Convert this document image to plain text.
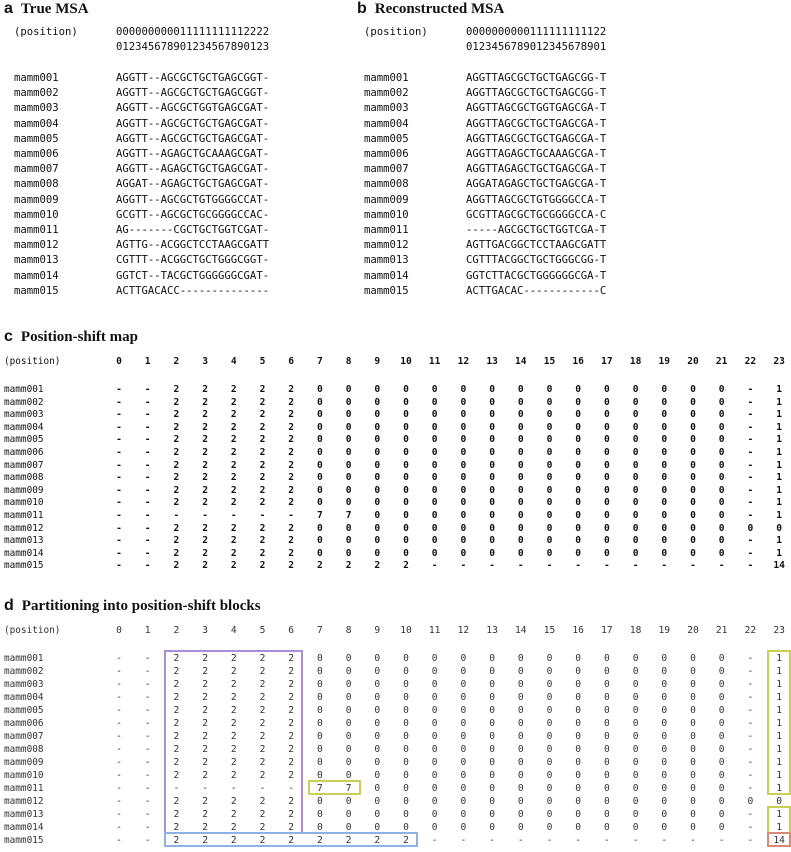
a True MSA	b Reconstructed MSA
c Position-shift map
d Partitioning into position-shift blocks
(position)	000000000011111111112222
012345678901234567890123
mamm001	AGGTT--AGCGCTGCTGAGCGGT-
mamm002	AGGTT--AGCGCTGCTGAGCGGT-
mamm003	AGGTT--AGCGCTGGTGAGCGAT-
mamm004	AGGTT--AGCGCTGCTGAGCGAT-
mamm005	AGGTT--AGCGCTGCTGAGCGAT-
mamm006	AGGTT--AGAGCTGCAAAGCGAT-
mamm007	AGGTT--AGAGCTGCTGAGCGAT-
mamm008	AGGAT--AGAGCTGCTGAGCGAT-
mamm009	AGGTT--AGCGCTGTGGGGCCAT-
mamm010	GCGTT--AGCGCTGCGGGGCCAC-
mamm011	AG-------CGCTGCTGGTCGAT-
mamm012	AGTTG--ACGGCTCCTAAGCGATT
mamm013	CGTTT--ACGGCTGCTGGGCGGT-
mamm014	GGTCT--TACGCTGGGGGGCGAT-
mamm015	ACTTGACACC--------------
(position)	0000000000111111111122
0123456789012345678901
mamm001	AGGTTAGCGCTGCTGAGCGG-T
mamm002	AGGTTAGCGCTGCTGAGCGG-T
mamm003	AGGTTAGCGCTGGTGAGCGA-T
mamm004	AGGTTAGCGCTGCTGAGCGA-T
mamm005	AGGTTAGCGCTGCTGAGCGA-T
mamm006	AGGTTAGAGCTGCAAAGCGA-T
mamm007	AGGTTAGAGCTGCTGAGCGA-T
mamm008	AGGATAGAGCTGCTGAGCGA-T
mamm009	AGGTTAGCGCTGTGGGGCCA-T
mamm010	GCGTTAGCGCTGCGGGGCCA-C
mamm011	-----AGCGCTGCTGGTCGA-T
mamm012	AGTTGACGGCTCCTAAGCGATT
mamm013	CGTTTACGGCTGCTGGGCGG-T
mamm014	GGTCTTACGCTGGGGGGCGA-T
mamm015	ACTTGACAC------------C
(position)	0	1	2	3	4	5	6	7	8	9	10	11	12	13	14	15	16	17	18	19	20	21	22	23
mamm001	-	-	2	2	2	2	2	0	0	0	0	0	0	0	0	0	0	0	0	0	0	0	-	1
mamm002	-	-	2	2	2	2	2	0	0	0	0	0	0	0	0	0	0	0	0	0	0	0	-	1
mamm003	-	-	2	2	2	2	2	0	0	0	0	0	0	0	0	0	0	0	0	0	0	0	-	1
mamm004	-	-	2	2	2	2	2	0	0	0	0	0	0	0	0	0	0	0	0	0	0	0	-	1
mamm005	-	-	2	2	2	2	2	0	0	0	0	0	0	0	0	0	0	0	0	0	0	0	-	1
mamm006	-	-	2	2	2	2	2	0	0	0	0	0	0	0	0	0	0	0	0	0	0	0	-	1
mamm007	-	-	2	2	2	2	2	0	0	0	0	0	0	0	0	0	0	0	0	0	0	0	-	1
mamm008	-	-	2	2	2	2	2	0	0	0	0	0	0	0	0	0	0	0	0	0	0	0	-	1
mamm009	-	-	2	2	2	2	2	0	0	0	0	0	0	0	0	0	0	0	0	0	0	0	-	1
mamm010	-	-	2	2	2	2	2	0	0	0	0	0	0	0	0	0	0	0	0	0	0	0	-	1
mamm011	-	-	-	-	-	-	-	7	7	0	0	0	0	0	0	0	0	0	0	0	0	0	-	1
mamm012	-	-	2	2	2	2	2	0	0	0	0	0	0	0	0	0	0	0	0	0	0	0	0	0
mamm013	-	-	2	2	2	2	2	0	0	0	0	0	0	0	0	0	0	0	0	0	0	0	-	1
mamm014	-	-	2	2	2	2	2	0	0	0	0	0	0	0	0	0	0	0	0	0	0	0	-	1
mamm015	-	-	2	2	2	2	2	2	2	2	2	-	-	-	-	-	-	-	-	-	-	-	-	14
(position)	0	1	2	3	4	5	6	7	8	9	10	11	12	13	14	15	16	17	18	19	20	21	22	23
mamm001	-	-	2	2	2	2	2	0	0	0	0	0	0	0	0	0	0	0	0	0	0	0	-	1
mamm002	-	-	2	2	2	2	2	0	0	0	0	0	0	0	0	0	0	0	0	0	0	0	-	1
mamm003	-	-	2	2	2	2	2	0	0	0	0	0	0	0	0	0	0	0	0	0	0	0	-	1
mamm004	-	-	2	2	2	2	2	0	0	0	0	0	0	0	0	0	0	0	0	0	0	0	-	1
mamm005	-	-	2	2	2	2	2	0	0	0	0	0	0	0	0	0	0	0	0	0	0	0	-	1
mamm006	-	-	2	2	2	2	2	0	0	0	0	0	0	0	0	0	0	0	0	0	0	0	-	1
mamm007	-	-	2	2	2	2	2	0	0	0	0	0	0	0	0	0	0	0	0	0	0	0	-	1
mamm008	-	-	2	2	2	2	2	0	0	0	0	0	0	0	0	0	0	0	0	0	0	0	-	1
mamm009	-	-	2	2	2	2	2	0	0	0	0	0	0	0	0	0	0	0	0	0	0	0	-	1
mamm010	-	-	2	2	2	2	2	0	0	0	0	0	0	0	0	0	0	0	0	0	0	0	-	1
mamm011	-	-	-	-	-	-	-	7	7	0	0	0	0	0	0	0	0	0	0	0	0	0	-	1
mamm012	-	-	2	2	2	2	2	0	0	0	0	0	0	0	0	0	0	0	0	0	0	0	0	0
mamm013	-	-	2	2	2	2	2	0	0	0	0	0	0	0	0	0	0	0	0	0	0	0	-	1
mamm014	-	-	2	2	2	2	2	0	0	0	0	0	0	0	0	0	0	0	0	0	0	0	-	1
mamm015	-	-	2	2	2	2	2	2	2	2	2	-	-	-	-	-	-	-	-	-	-	-	-	14
